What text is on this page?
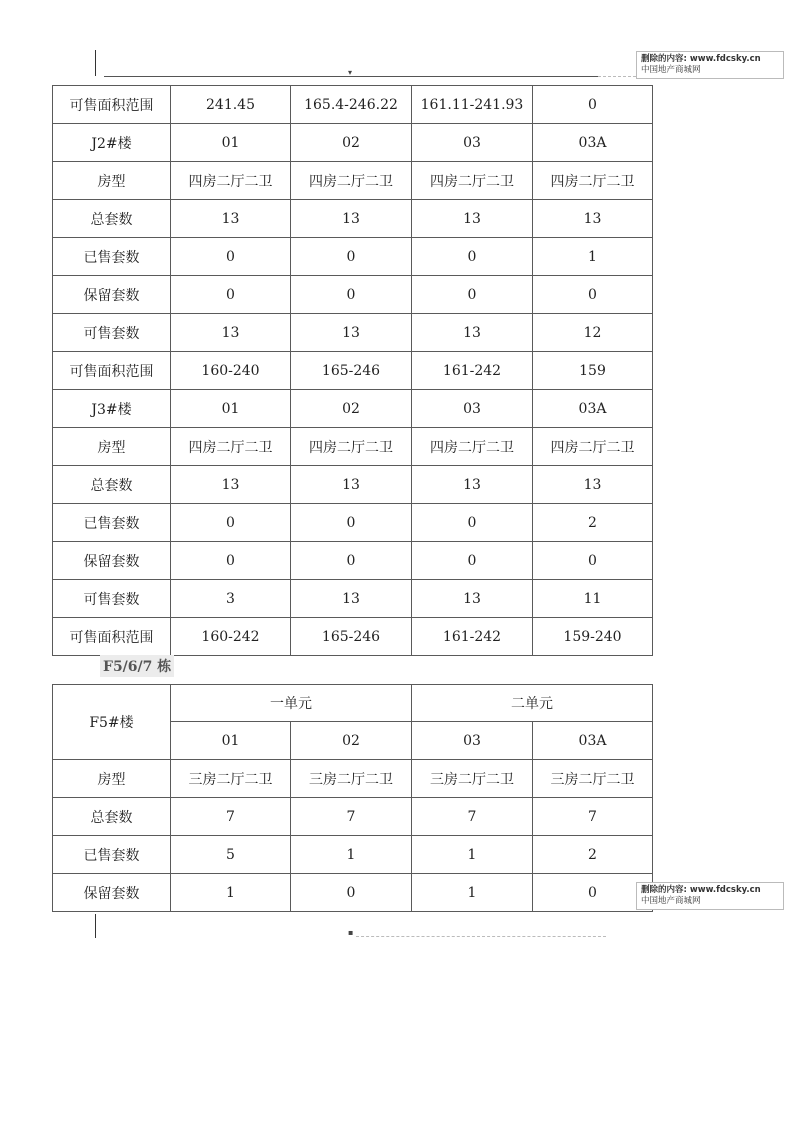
▾
删除的内容: www.fdcsky.cn
中国地产商城网
可售面积范围	241.45	165.4-246.22	161.11-241.93	0
J2#楼	01	02	03	03A
房型	四房二厅二卫	四房二厅二卫	四房二厅二卫	四房二厅二卫
总套数	13	13	13	13
已售套数	0	0	0	1
保留套数	0	0	0	0
可售套数	13	13	13	12
可售面积范围	160-240	165-246	161-242	159
J3#楼	01	02	03	03A
房型	四房二厅二卫	四房二厅二卫	四房二厅二卫	四房二厅二卫
总套数	13	13	13	13
已售套数	0	0	0	2
保留套数	0	0	0	0
可售套数	3	13	13	11
可售面积范围	160-242	165-246	161-242	159-240
F5/6/7 栋
F5#楼	一单元		二单元	
	01	02	03	03A
房型	三房二厅二卫	三房二厅二卫	三房二厅二卫	三房二厅二卫
总套数	7	7	7	7
已售套数	5	1	1	2
保留套数	1	0	1	0
▪
删除的内容: www.fdcsky.cn
中国地产商城网
